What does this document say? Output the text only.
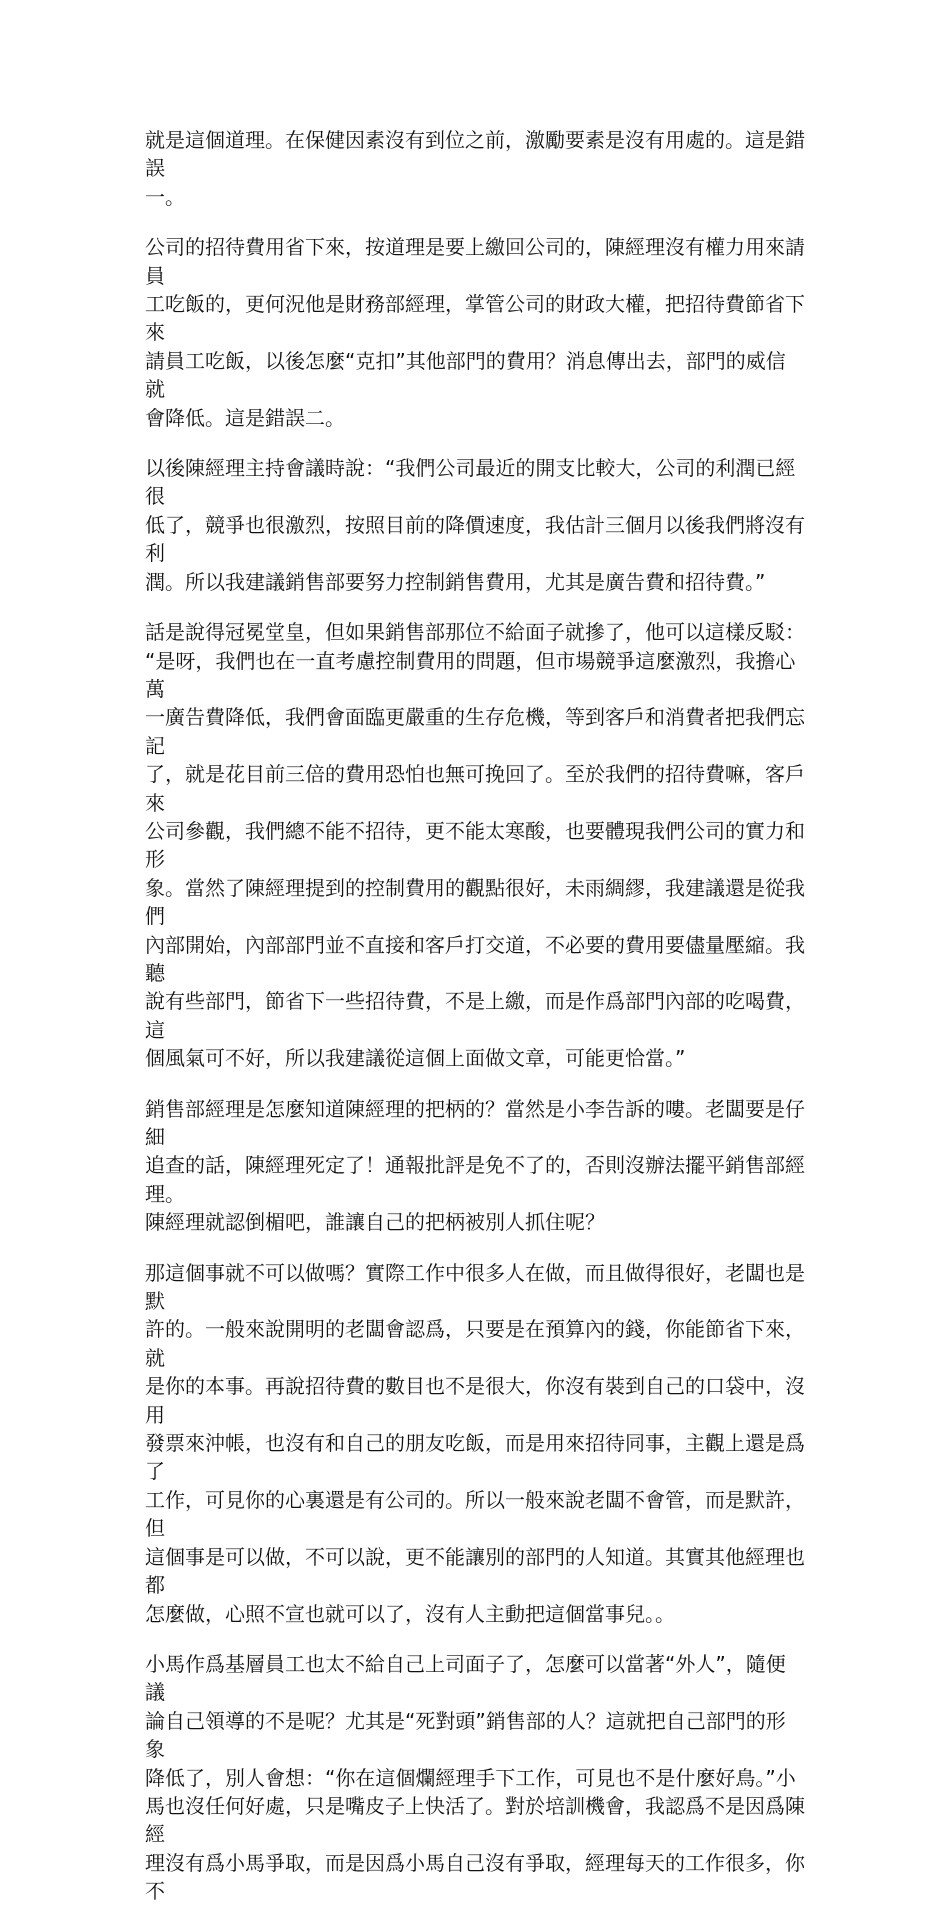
就是這個道理。在保健因素沒有到位之前，激勵要素是沒有用處的。這是錯誤
一。

公司的招待費用省下來，按道理是要上繳回公司的，陳經理沒有權力用來請員
工吃飯的，更何況他是財務部經理，掌管公司的財政大權，把招待費節省下來
請員工吃飯，以後怎麼“克扣”其他部門的費用？消息傳出去，部門的威信就
會降低。這是錯誤二。

以後陳經理主持會議時說：“我們公司最近的開支比較大，公司的利潤已經很
低了，競爭也很激烈，按照目前的降價速度，我估計三個月以後我們將沒有利
潤。所以我建議銷售部要努力控制銷售費用，尤其是廣告費和招待費。”

話是說得冠冕堂皇，但如果銷售部那位不給面子就摻了，他可以這樣反駁：
“是呀，我們也在一直考慮控制費用的問題，但市場競爭這麼激烈，我擔心萬
一廣告費降低，我們會面臨更嚴重的生存危機，等到客戶和消費者把我們忘記
了，就是花目前三倍的費用恐怕也無可挽回了。至於我們的招待費嘛，客戶來
公司參觀，我們總不能不招待，更不能太寒酸，也要體現我們公司的實力和形
象。當然了陳經理提到的控制費用的觀點很好，未雨綢繆，我建議還是從我們
內部開始，內部部門並不直接和客戶打交道，不必要的費用要儘量壓縮。我聽
說有些部門，節省下一些招待費，不是上繳，而是作爲部門內部的吃喝費，這
個風氣可不好，所以我建議從這個上面做文章，可能更恰當。”

銷售部經理是怎麼知道陳經理的把柄的？當然是小李告訴的嘍。老闆要是仔細
追查的話，陳經理死定了！通報批評是免不了的，否則沒辦法擺平銷售部經理。
陳經理就認倒楣吧，誰讓自己的把柄被別人抓住呢？

那這個事就不可以做嗎？實際工作中很多人在做，而且做得很好，老闆也是默
許的。一般來說開明的老闆會認爲，只要是在預算內的錢，你能節省下來，就
是你的本事。再說招待費的數目也不是很大，你沒有裝到自己的口袋中，沒用
發票來沖帳，也沒有和自己的朋友吃飯，而是用來招待同事，主觀上還是爲了
工作，可見你的心裏還是有公司的。所以一般來說老闆不會管，而是默許，但
這個事是可以做，不可以說，更不能讓別的部門的人知道。其實其他經理也都
怎麼做，心照不宣也就可以了，沒有人主動把這個當事兒。。

小馬作爲基層員工也太不給自己上司面子了，怎麼可以當著“外人”，隨便議
論自己領導的不是呢？尤其是“死對頭”銷售部的人？這就把自己部門的形象
降低了，別人會想：“你在這個爛經理手下工作，可見也不是什麼好鳥。”小
馬也沒任何好處，只是嘴皮子上快活了。對於培訓機會，我認爲不是因爲陳經
理沒有爲小馬爭取，而是因爲小馬自己沒有爭取，經理每天的工作很多，你不
